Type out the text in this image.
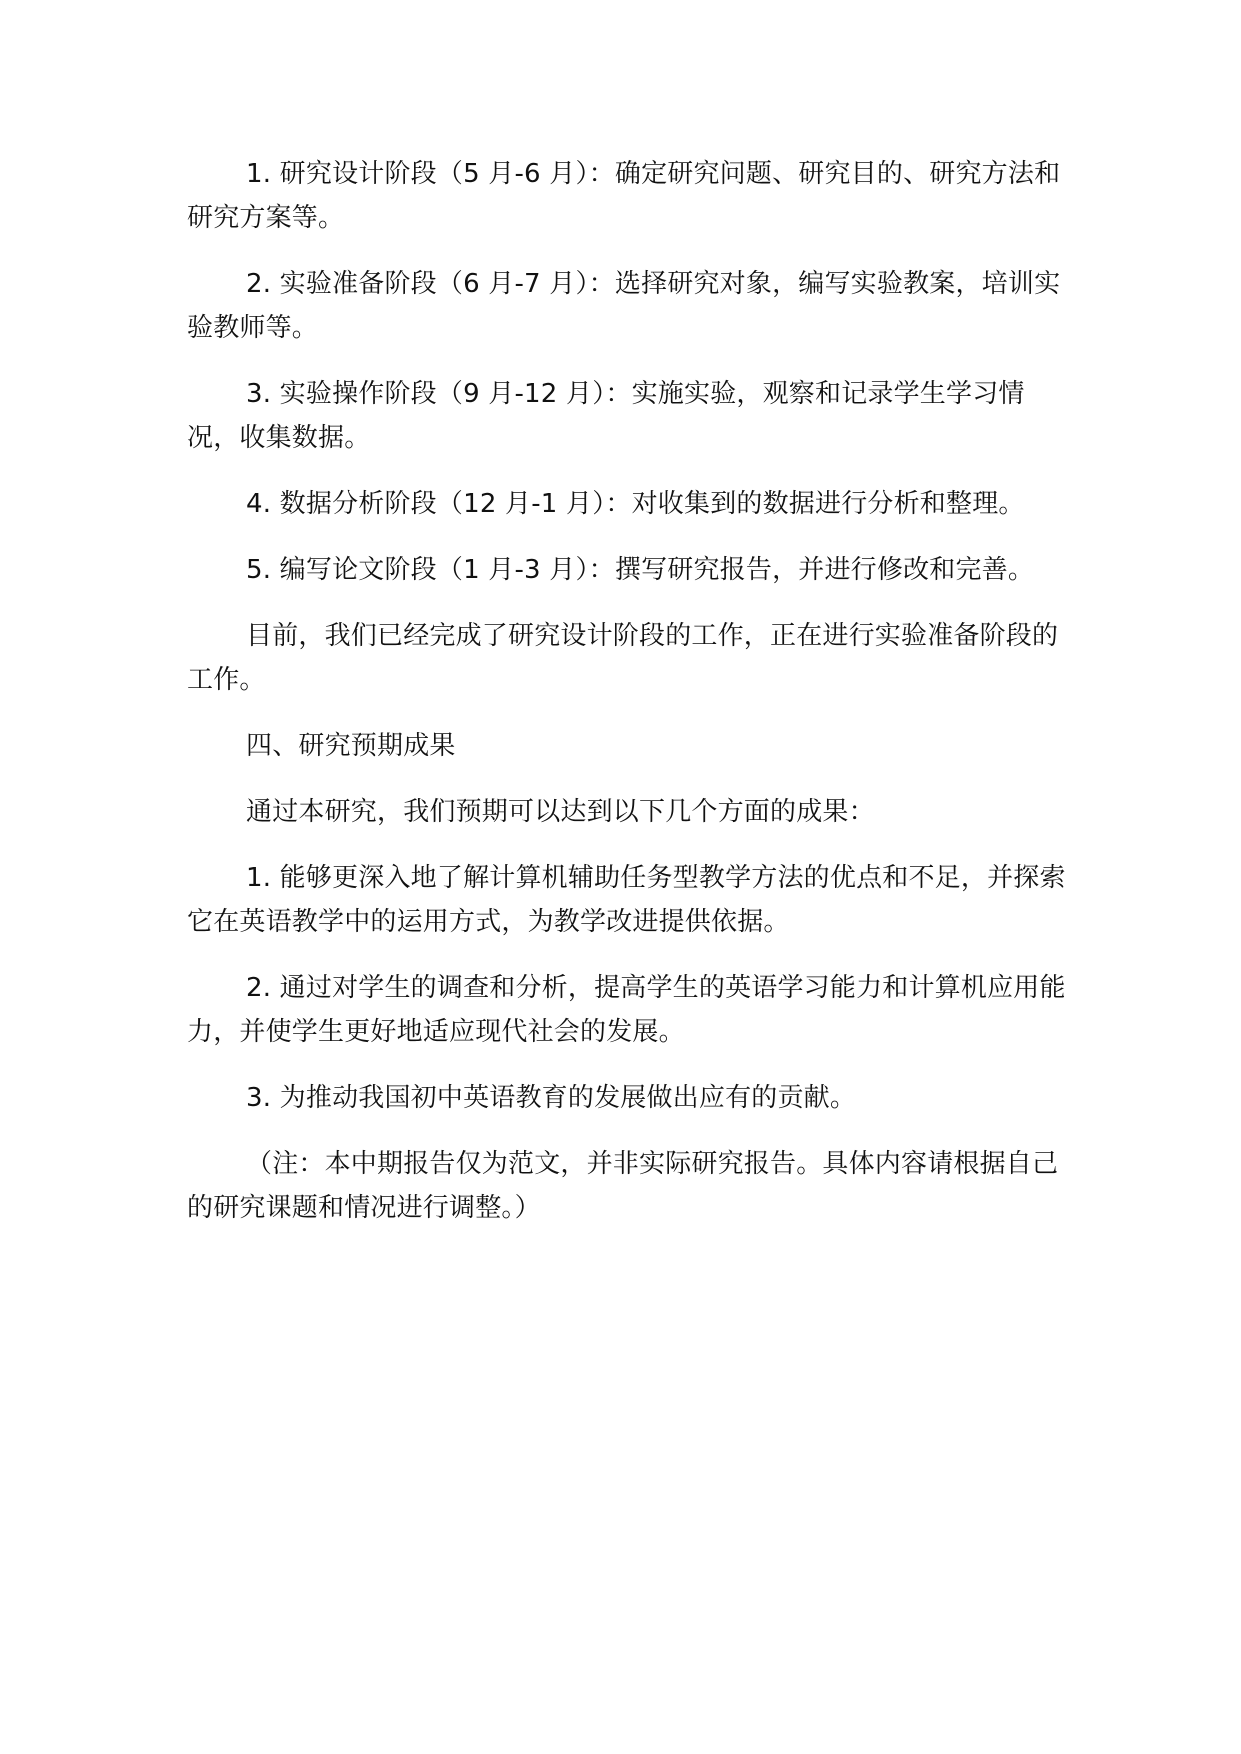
1. 研究设计阶段（5 月-6 月）：确定研究问题、研究目的、研究方法和研究方案等。

2. 实验准备阶段（6 月-7 月）：选择研究对象，编写实验教案，培训实验教师等。

3. 实验操作阶段（9 月-12 月）：实施实验，观察和记录学生学习情况，收集数据。

4. 数据分析阶段（12 月-1 月）：对收集到的数据进行分析和整理。

5. 编写论文阶段（1 月-3 月）：撰写研究报告，并进行修改和完善。

目前，我们已经完成了研究设计阶段的工作，正在进行实验准备阶段的工作。

四、研究预期成果

通过本研究，我们预期可以达到以下几个方面的成果：

1. 能够更深入地了解计算机辅助任务型教学方法的优点和不足，并探索它在英语教学中的运用方式，为教学改进提供依据。

2. 通过对学生的调查和分析，提高学生的英语学习能力和计算机应用能力，并使学生更好地适应现代社会的发展。

3. 为推动我国初中英语教育的发展做出应有的贡献。

（注：本中期报告仅为范文，并非实际研究报告。具体内容请根据自己的研究课题和情况进行调整。）
